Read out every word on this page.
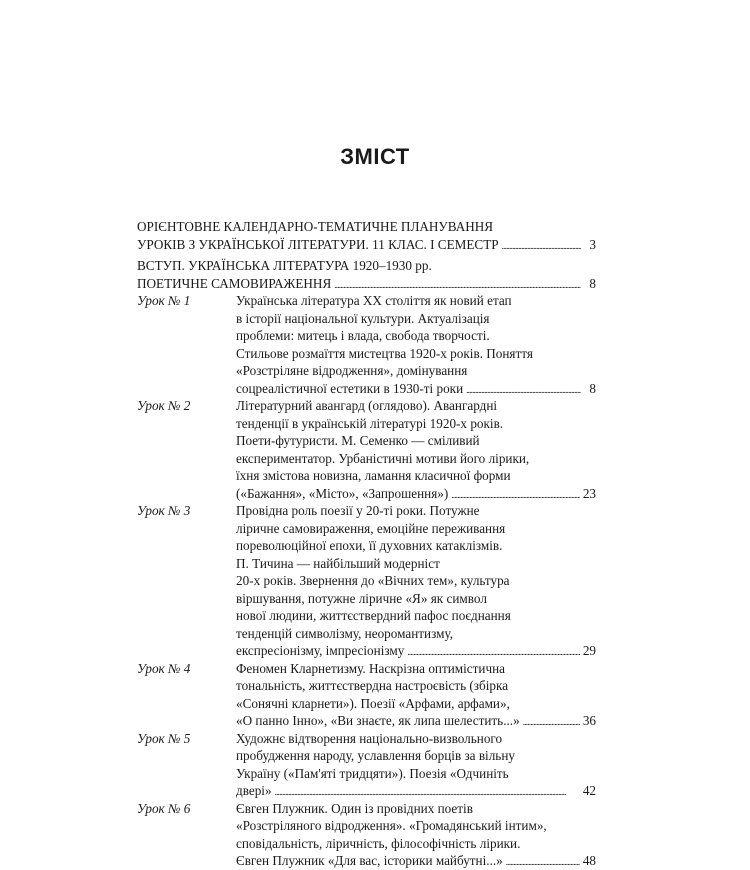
ЗМІСТ
ОРІЄНТОВНЕ КАЛЕНДАРНО-ТЕМАТИЧНЕ ПЛАНУВАННЯ
УРОКІВ З УКРАЇНСЬКОЇ ЛІТЕРАТУРИ. 11 КЛАС. І СЕМЕСТР . . .	3
ВСТУП. УКРАЇНСЬКА ЛІТЕРАТУРА 1920–1930 рр.
ПОЕТИЧНЕ САМОВИРАЖЕННЯ . . .	8
Урок № 1	Українська література XX століття як новий етап
в історії національної культури. Актуалізація
проблеми: митець і влада, свобода творчості.
Стильове розмаїття мистецтва 1920-х років. Поняття
«Розстріляне відродження», домінування
соцреалістичної естетики в 1930-ті роки . . .	8
Урок № 2	Літературний авангард (оглядово). Авангардні
тенденції в українській літературі 1920-х років.
Поети-футуристи. М. Семенко — сміливий
експериментатор. Урбаністичні мотиви його лірики,
їхня змістова новизна, ламання класичної форми
(«Бажання», «Місто», «Запрошення») . . .	23
Урок № 3	Провідна роль поезії у 20-ті роки. Потужне
ліричне самовираження, емоційне переживання
пореволюційної епохи, її духовних катаклізмів.
П. Тичина — найбільший модерніст
20-х років. Звернення до «Вічних тем», культура
віршування, потужне ліричне «Я» як символ
нової людини, життєствердний пафос поєднання
тенденцій символізму, неоромантизму,
експресіонізму, імпресіонізму . . .	29
Урок № 4	Феномен Кларнетизму. Наскрізна оптимістична
тональність, життєствердна настроєвість (збірка
«Сонячні кларнети»). Поезії «Арфами, арфами»,
«О панно Інно», «Ви знаєте, як липа шелестить...» . . .	36
Урок № 5	Художнє відтворення національно-визвольного
пробудження народу, уславлення борців за вільну
Україну («Пам'яті тридцяти»). Поезія «Одчиніть
двері» . . .	42
Урок № 6	Євген Плужник. Один із провідних поетів
«Розстріляного відродження». «Громадянський інтим»,
сповідальність, ліричність, філософічність лірики.
Євген Плужник «Для вас, історики майбутні...» . . .	48
